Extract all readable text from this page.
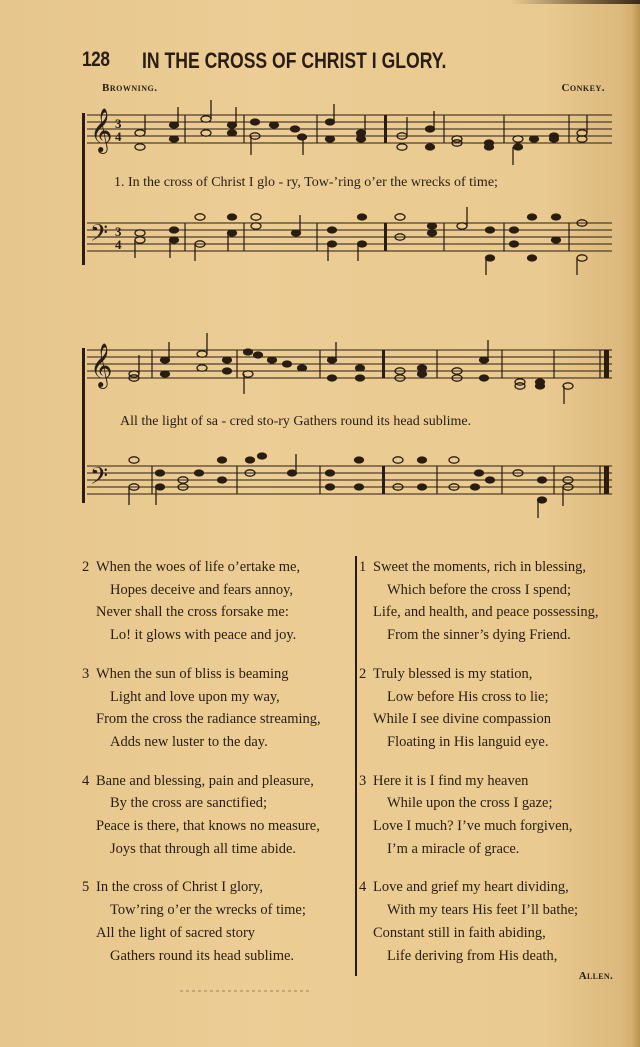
128 IN THE CROSS OF CHRIST I GLORY.
Browning.	Conkey.
𝄞 3
4
𝄢 3
4
1. In the cross of Christ I glo - ry, Tow-’ring o’er the wrecks of time;
𝄞
𝄢
All the light of sa - cred sto-ry Gathers round its head sublime.
2 When the woes of life o’ertake me,
Hopes deceive and fears annoy,
Never shall the cross forsake me:
Lo! it glows with peace and joy.
3 When the sun of bliss is beaming
Light and love upon my way,
From the cross the radiance streaming,
Adds new luster to the day.
4 Bane and blessing, pain and pleasure,
By the cross are sanctified;
Peace is there, that knows no measure,
Joys that through all time abide.
5 In the cross of Christ I glory,
Tow’ring o’er the wrecks of time;
All the light of sacred story
Gathers round its head sublime.
1 Sweet the moments, rich in blessing,
Which before the cross I spend;
Life, and health, and peace possessing,
From the sinner’s dying Friend.
2 Truly blessed is my station,
Low before His cross to lie;
While I see divine compassion
Floating in His languid eye.
3 Here it is I find my heaven
While upon the cross I gaze;
Love I much? I’ve much forgiven,
I’m a miracle of grace.
4 Love and grief my heart dividing,
With my tears His feet I’ll bathe;
Constant still in faith abiding,
Life deriving from His death,
Allen.
